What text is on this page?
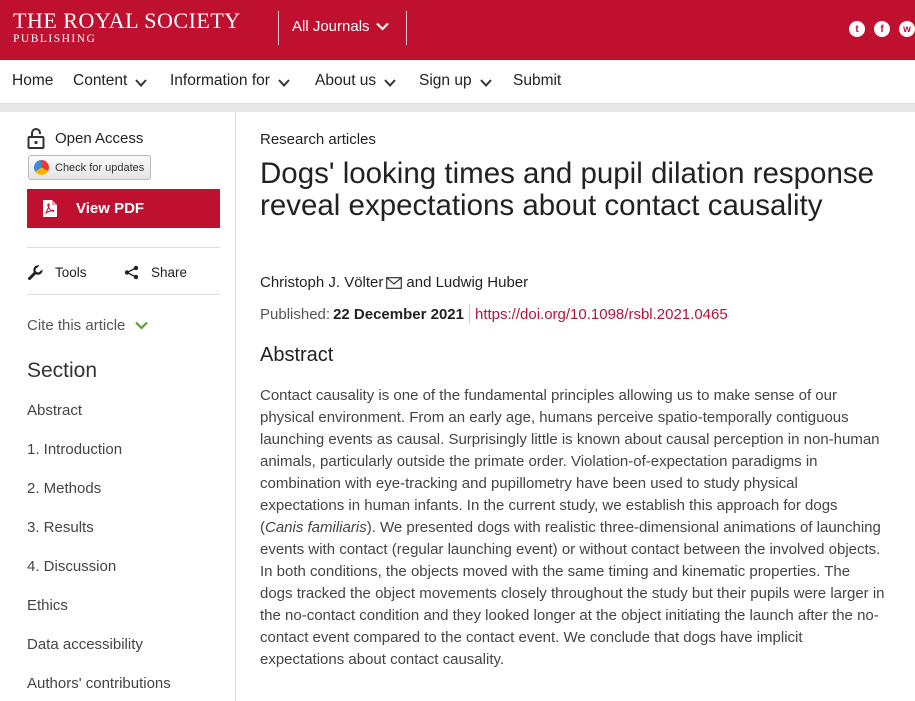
THE ROYAL SOCIETY
PUBLISHING
All Journals	t	f	w
Home Content	Information for	About us	Sign up	Submit
Open Access
Check for updates
View PDF
Tools	Share
Cite this article
Section
Abstract
1. Introduction
2. Methods
3. Results
4. Discussion
Ethics
Data accessibility
Authors' contributions
Research articles
Dogs' looking times and pupil dilation response reveal expectations about contact causality
Christoph J. Völter and Ludwig Huber
Published: 22 December 2021 https://doi.org/10.1098/rsbl.2021.0465
Abstract

Contact causality is one of the fundamental principles allowing us to make sense of our physical environment. From an early age, humans perceive spatio-temporally contiguous launching events as causal. Surprisingly little is known about causal perception in non-human animals, particularly outside the primate order. Violation-of-expectation paradigms in combination with eye-tracking and pupillometry have been used to study physical expectations in human infants. In the current study, we establish this approach for dogs (Canis familiaris). We presented dogs with realistic three-dimensional animations of launching events with contact (regular launching event) or without contact between the involved objects. In both conditions, the objects moved with the same timing and kinematic properties. The dogs tracked the object movements closely throughout the study but their pupils were larger in the no-contact condition and they looked longer at the object initiating the launch after the no-contact event compared to the contact event. We conclude that dogs have implicit expectations about contact causality.
